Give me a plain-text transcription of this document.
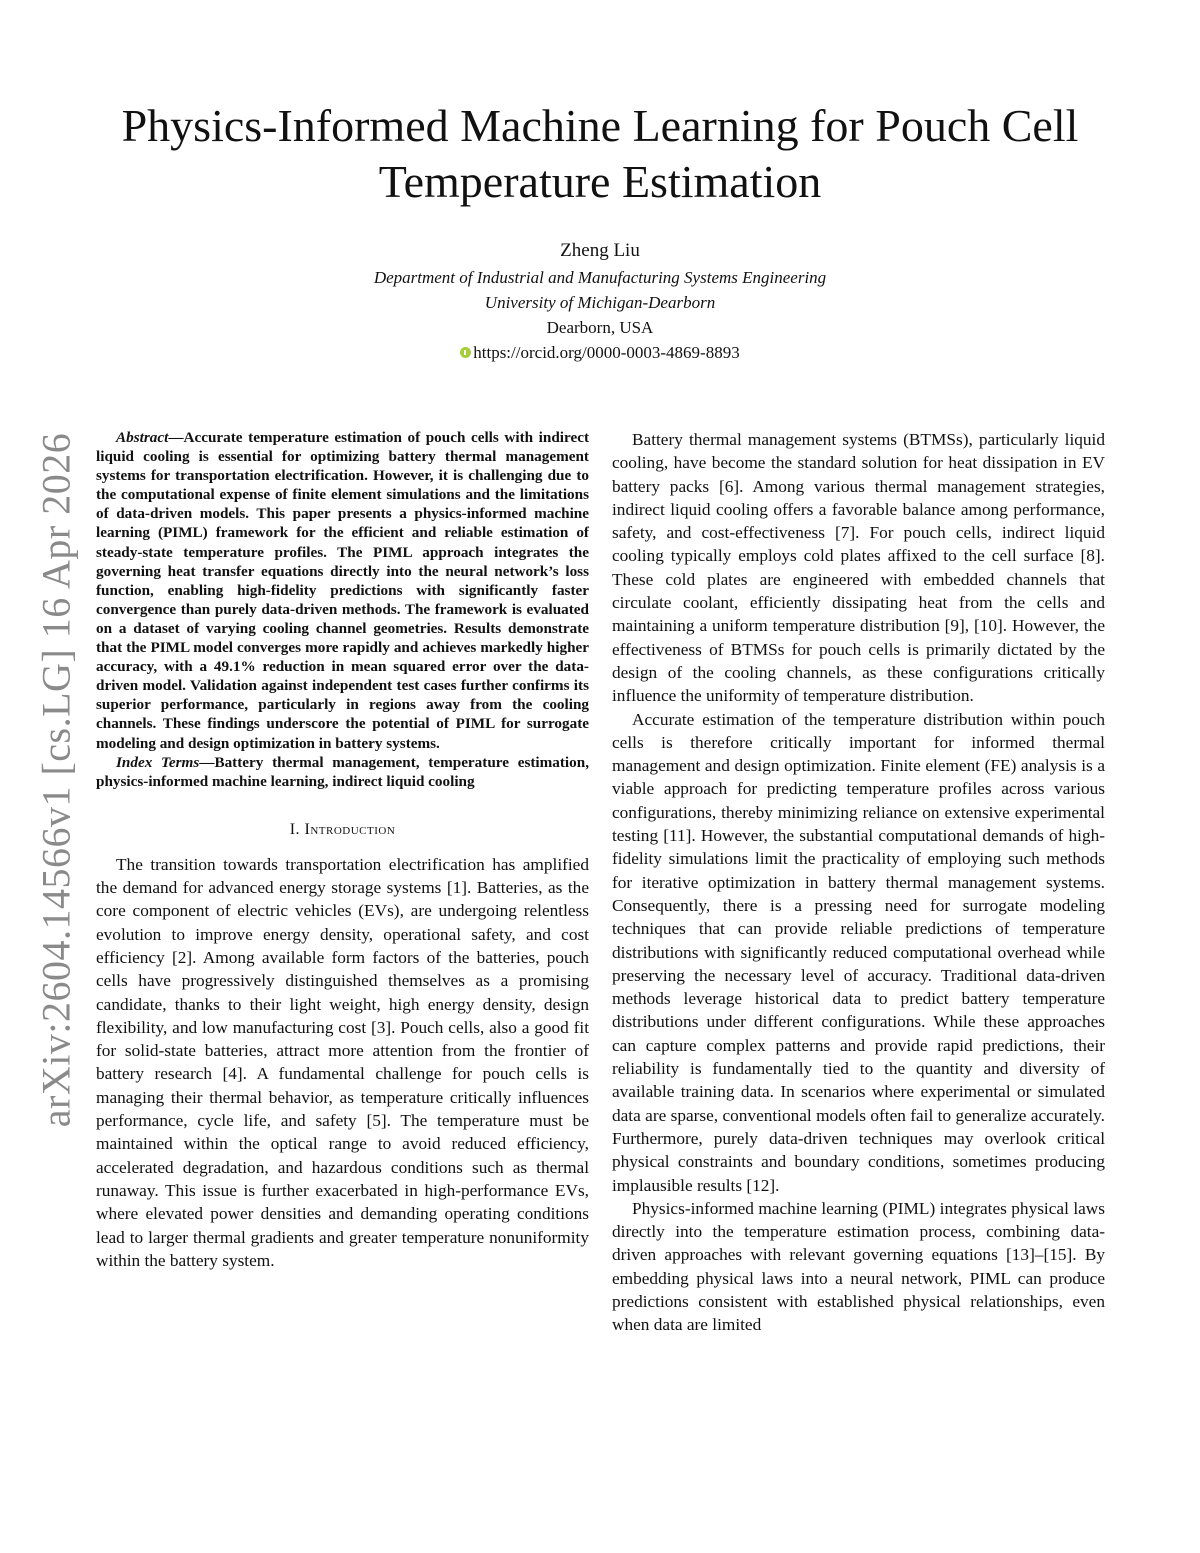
arXiv:2604.14566v1 [cs.LG] 16 Apr 2026
Physics-Informed Machine Learning for Pouch Cell Temperature Estimation
Zheng Liu
Department of Industrial and Manufacturing Systems Engineering
University of Michigan-Dearborn
Dearborn, USA
https://orcid.org/0000-0003-4869-8893

Abstract—Accurate temperature estimation of pouch cells with indirect liquid cooling is essential for optimizing battery thermal management systems for transportation electrification. However, it is challenging due to the computational expense of finite element simulations and the limitations of data-driven models. This paper presents a physics-informed machine learning (PIML) framework for the efficient and reliable estimation of steady-state temperature profiles. The PIML approach integrates the governing heat transfer equations directly into the neural network’s loss function, enabling high-fidelity predictions with significantly faster convergence than purely data-driven methods. The framework is evaluated on a dataset of varying cooling channel geometries. Results demonstrate that the PIML model converges more rapidly and achieves markedly higher accuracy, with a 49.1% reduction in mean squared error over the data-driven model. Validation against independent test cases further confirms its superior performance, particularly in regions away from the cooling channels. These findings underscore the potential of PIML for surrogate modeling and design optimization in battery systems.

Index Terms—Battery thermal management, temperature estimation, physics-informed machine learning, indirect liquid cooling

I. Introduction

The transition towards transportation electrification has amplified the demand for advanced energy storage systems [1]. Batteries, as the core component of electric vehicles (EVs), are undergoing relentless evolution to improve energy density, operational safety, and cost efficiency [2]. Among available form factors of the batteries, pouch cells have progressively distinguished themselves as a promising candidate, thanks to their light weight, high energy density, design flexibility, and low manufacturing cost [3]. Pouch cells, also a good fit for solid-state batteries, attract more attention from the frontier of battery research [4]. A fundamental challenge for pouch cells is managing their thermal behavior, as temperature critically influences performance, cycle life, and safety [5]. The temperature must be maintained within the optical range to avoid reduced efficiency, accelerated degradation, and hazardous conditions such as thermal runaway. This issue is further exacerbated in high-performance EVs, where elevated power densities and demanding operating conditions lead to larger thermal gradients and greater temperature nonuniformity within the battery system.

Battery thermal management systems (BTMSs), particularly liquid cooling, have become the standard solution for heat dissipation in EV battery packs [6]. Among various thermal management strategies, indirect liquid cooling offers a favorable balance among performance, safety, and cost-effectiveness [7]. For pouch cells, indirect liquid cooling typically employs cold plates affixed to the cell surface [8]. These cold plates are engineered with embedded channels that circulate coolant, efficiently dissipating heat from the cells and maintaining a uniform temperature distribution [9], [10]. However, the effectiveness of BTMSs for pouch cells is primarily dictated by the design of the cooling channels, as these configurations critically influence the uniformity of temperature distribution.

Accurate estimation of the temperature distribution within pouch cells is therefore critically important for informed thermal management and design optimization. Finite element (FE) analysis is a viable approach for predicting temperature profiles across various configurations, thereby minimizing reliance on extensive experimental testing [11]. However, the substantial computational demands of high-fidelity simulations limit the practicality of employing such methods for iterative optimization in battery thermal management systems. Consequently, there is a pressing need for surrogate modeling techniques that can provide reliable predictions of temperature distributions with significantly reduced computational overhead while preserving the necessary level of accuracy. Traditional data-driven methods leverage historical data to predict battery temperature distributions under different configurations. While these approaches can capture complex patterns and provide rapid predictions, their reliability is fundamentally tied to the quantity and diversity of available training data. In scenarios where experimental or simulated data are sparse, conventional models often fail to generalize accurately. Furthermore, purely data-driven techniques may overlook critical physical constraints and boundary conditions, sometimes producing implausible results [12].

Physics-informed machine learning (PIML) integrates physical laws directly into the temperature estimation process, combining data-driven approaches with relevant governing equations [13]–[15]. By embedding physical laws into a neural network, PIML can produce predictions consistent with established physical relationships, even when data are limited
